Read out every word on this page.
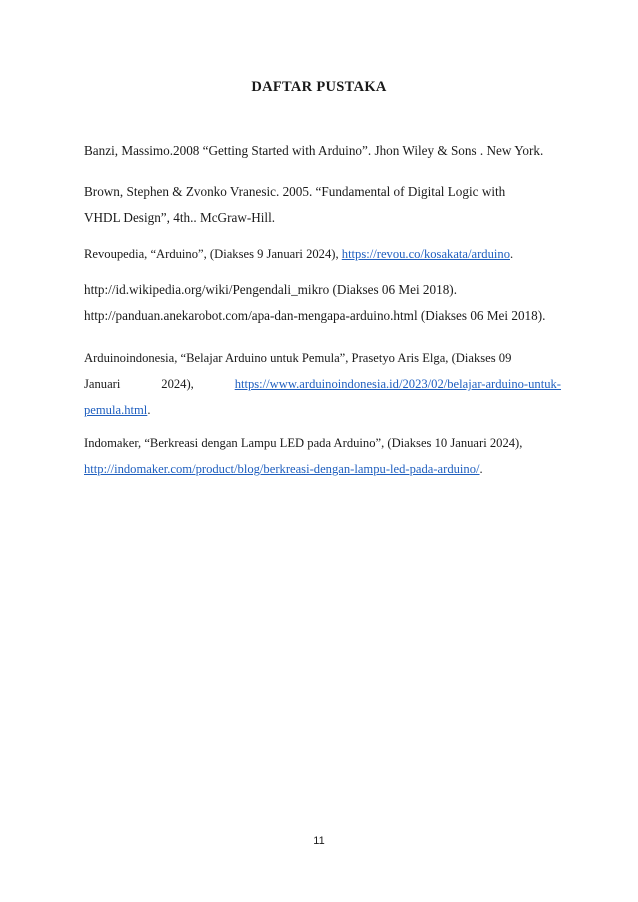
DAFTAR PUSTAKA

Banzi, Massimo.2008 “Getting Started with Arduino”. Jhon Wiley & Sons . New York.

Brown, Stephen & Zvonko Vranesic. 2005. “Fundamental of Digital Logic with
VHDL Design”, 4th.. McGraw-Hill.

Revoupedia, “Arduino”, (Diakses 9 Januari 2024), https://revou.co/kosakata/arduino.

http://id.wikipedia.org/wiki/Pengendali_mikro (Diakses 06 Mei 2018).

http://panduan.anekarobot.com/apa-dan-mengapa-arduino.html (Diakses 06 Mei 2018).

Arduinoindonesia, “Belajar Arduino untuk Pemula”, Prasetyo Aris Elga, (Diakses 09
Januari	2024),	https://www.arduinoindonesia.id/2023/02/belajar-arduino-untuk-
pemula.html.
Indomaker, “Berkreasi dengan Lampu LED pada Arduino”, (Diakses 10 Januari 2024),
http://indomaker.com/product/blog/berkreasi-dengan-lampu-led-pada-arduino/.
11
